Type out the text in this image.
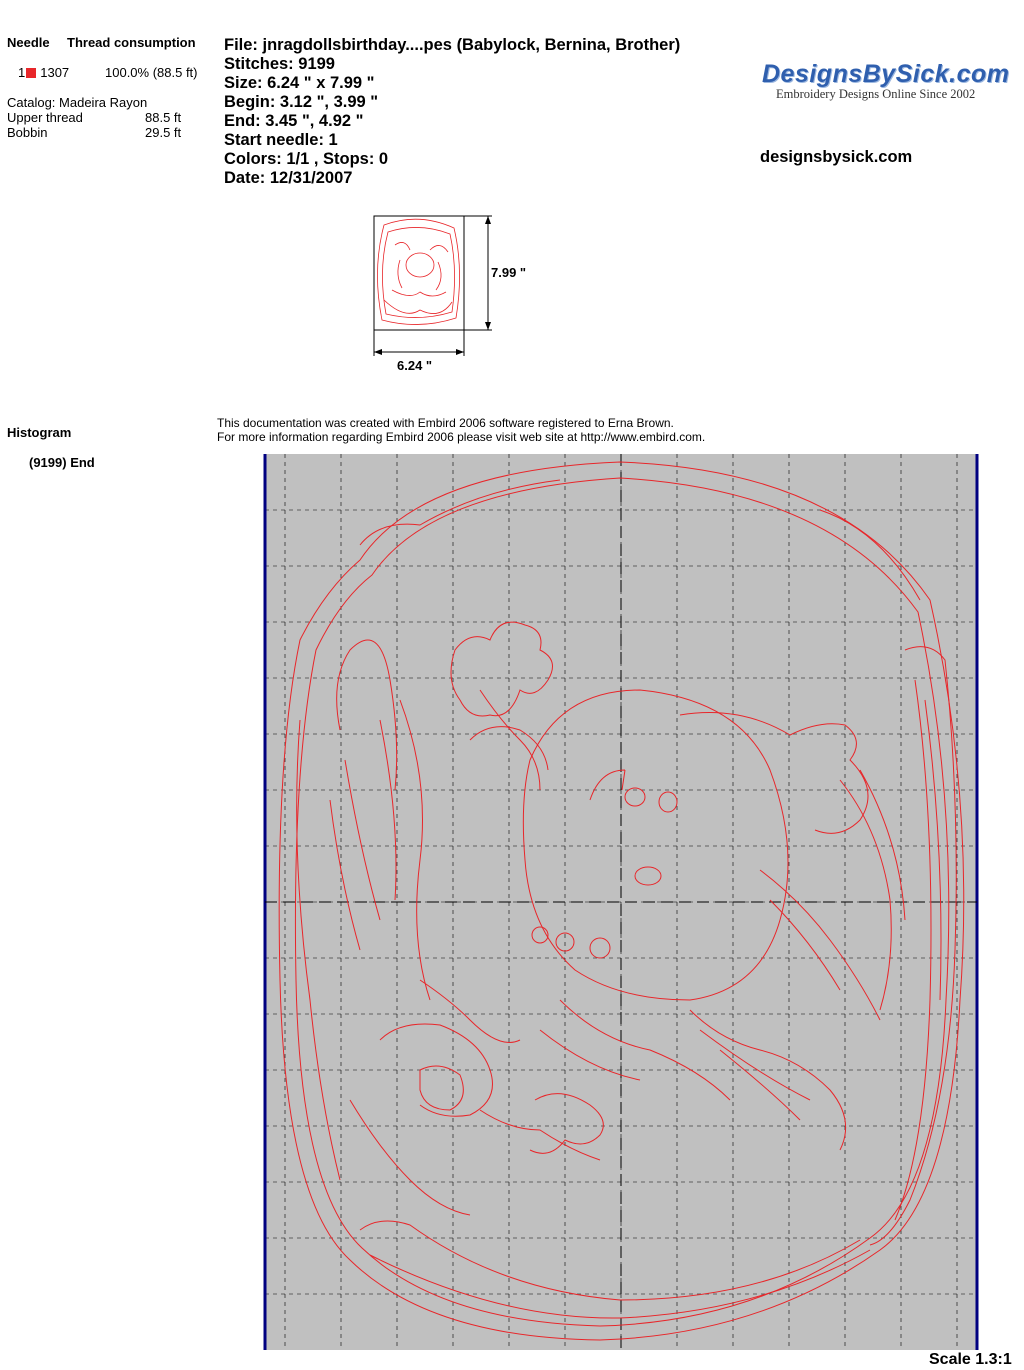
Needle Thread consumption
1 1307	100.0% (88.5 ft)
Catalog: Madeira Rayon
Upper thread	88.5 ft
Bobbin	29.5 ft
File: jnragdollsbirthday....pes (Babylock, Bernina, Brother)
Stitches: 9199
Size: 6.24 " x 7.99 "
Begin: 3.12 ", 3.99 "
End: 3.45 ", 4.92 "
Start needle: 1
Colors: 1/1 , Stops: 0
Date: 12/31/2007
DesignsBySick.com
Embroidery Designs Online Since 2002
designsbysick.com
7.99 "
6.24 "
Histogram
(9199) End
This documentation was created with Embird 2006 software registered to Erna Brown.
For more information regarding Embird 2006 please visit web site at http://www.embird.com.
Scale 1.3:1
